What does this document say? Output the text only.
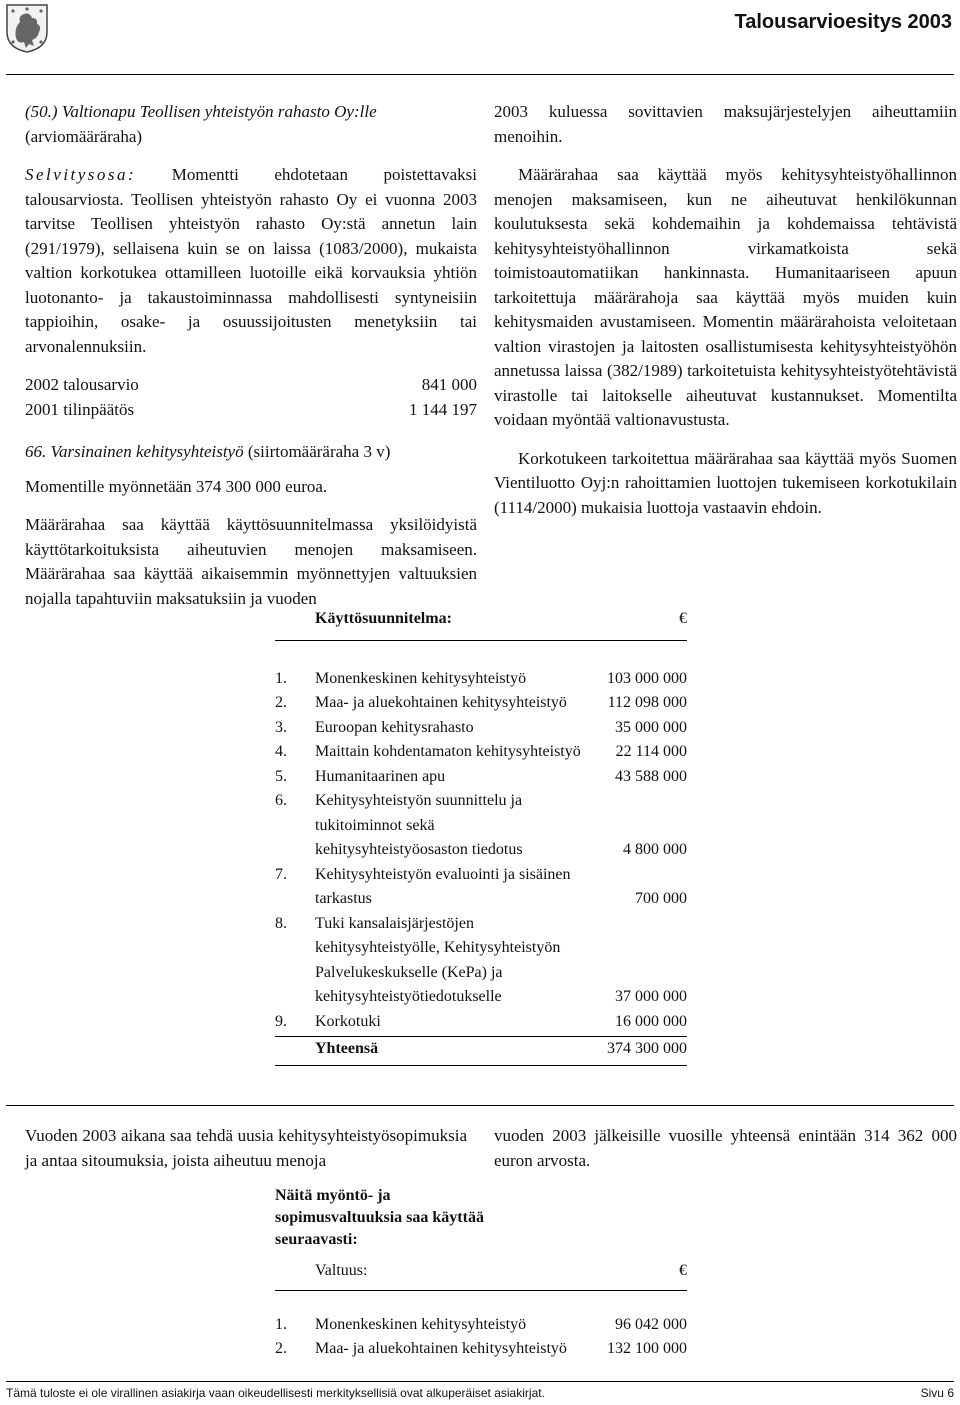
Talousarvioesitys 2003
(50.) Valtionapu Teollisen yhteistyön rahasto Oy:lle
(arviomääräraha)

Selvitysosa: Momentti ehdotetaan poistettavaksi talousarviosta. Teollisen yhteistyön rahasto Oy ei vuonna 2003 tarvitse Teollisen yhteistyön rahasto Oy:stä annetun lain (291/1979), sellaisena kuin se on laissa (1083/2000), mukaista valtion korkotukea ottamilleen luotoille eikä korvauksia yhtiön luotonanto- ja takaustoiminnassa mahdollisesti syntyneisiin tappioihin, osake- ja osuussijoitusten menetyksiin tai arvonalennuksiin.

2002 talousarvio	841 000
2001 tilinpäätös	1 144 197
66. Varsinainen kehitysyhteistyö (siirtomääräraha 3 v)

Momentille myönnetään 374 300 000 euroa.

Määrärahaa saa käyttää käyttösuunnitelmassa yksilöidyistä käyttötarkoituksista aiheutuvien menojen maksamiseen. Määrärahaa saa käyttää aikaisemmin myönnettyjen valtuuksien nojalla tapahtuviin maksatuksiin ja vuoden

2003 kuluessa sovittavien maksujärjestelyjen aiheuttamiin menoihin.

Määrärahaa saa käyttää myös kehitysyhteistyöhallinnon menojen maksamiseen, kun ne aiheutuvat henkilökunnan koulutuksesta sekä kohdemaihin ja kohdemaissa tehtävistä kehitysyhteistyöhallinnon virkamatkoista sekä toimistoautomatiikan hankinnasta. Humanitaariseen apuun tarkoitettuja määrärahoja saa käyttää myös muiden kuin kehitysmaiden avustamiseen. Momentin määrärahoista veloitetaan valtion virastojen ja laitosten osallistumisesta kehitysyhteistyöhön annetussa laissa (382/1989) tarkoitetuista kehitysyhteistyötehtävistä virastolle tai laitokselle aiheutuvat kustannukset. Momentilta voidaan myöntää valtionavustusta.

Korkotukeen tarkoitettua määrärahaa saa käyttää myös Suomen Vientiluotto Oyj:n rahoittamien luottojen tukemiseen korkotukilain (1114/2000) mukaisia luottoja vastaavin ehdoin.

Käyttösuunnitelma:	€
1.	Monenkeskinen kehitysyhteistyö	103 000 000
2.	Maa- ja aluekohtainen kehitysyhteistyö	112 098 000
3.	Euroopan kehitysrahasto	35 000 000
4.	Maittain kohdentamaton kehitysyhteistyö	22 114 000
5.	Humanitaarinen apu	43 588 000
6.	Kehitysyhteistyön suunnittelu ja tukitoiminnot sekä kehitysyhteistyöosaston tiedotus	4 800 000
7.	Kehitysyhteistyön evaluointi ja sisäinen tarkastus	700 000
8.	Tuki kansalaisjärjestöjen kehitysyhteistyölle, Kehitysyhteistyön Palvelukeskukselle (KePa) ja kehitysyhteistyötiedotukselle	37 000 000
9.	Korkotuki	16 000 000
Yhteensä	374 300 000

Vuoden 2003 aikana saa tehdä uusia kehitysyhteistyösopimuksia ja antaa sitoumuksia, joista aiheutuu menoja

vuoden 2003 jälkeisille vuosille yhteensä enintään 314 362 000 euron arvosta.

Näitä myöntö- ja sopimusvaltuuksia saa käyttää seuraavasti:
Valtuus:	€
1.	Monenkeskinen kehitysyhteistyö	96 042 000
2.	Maa- ja aluekohtainen kehitysyhteistyö	132 100 000
Tämä tuloste ei ole virallinen asiakirja vaan oikeudellisesti merkityksellisiä ovat alkuperäiset asiakirjat.	Sivu 6
